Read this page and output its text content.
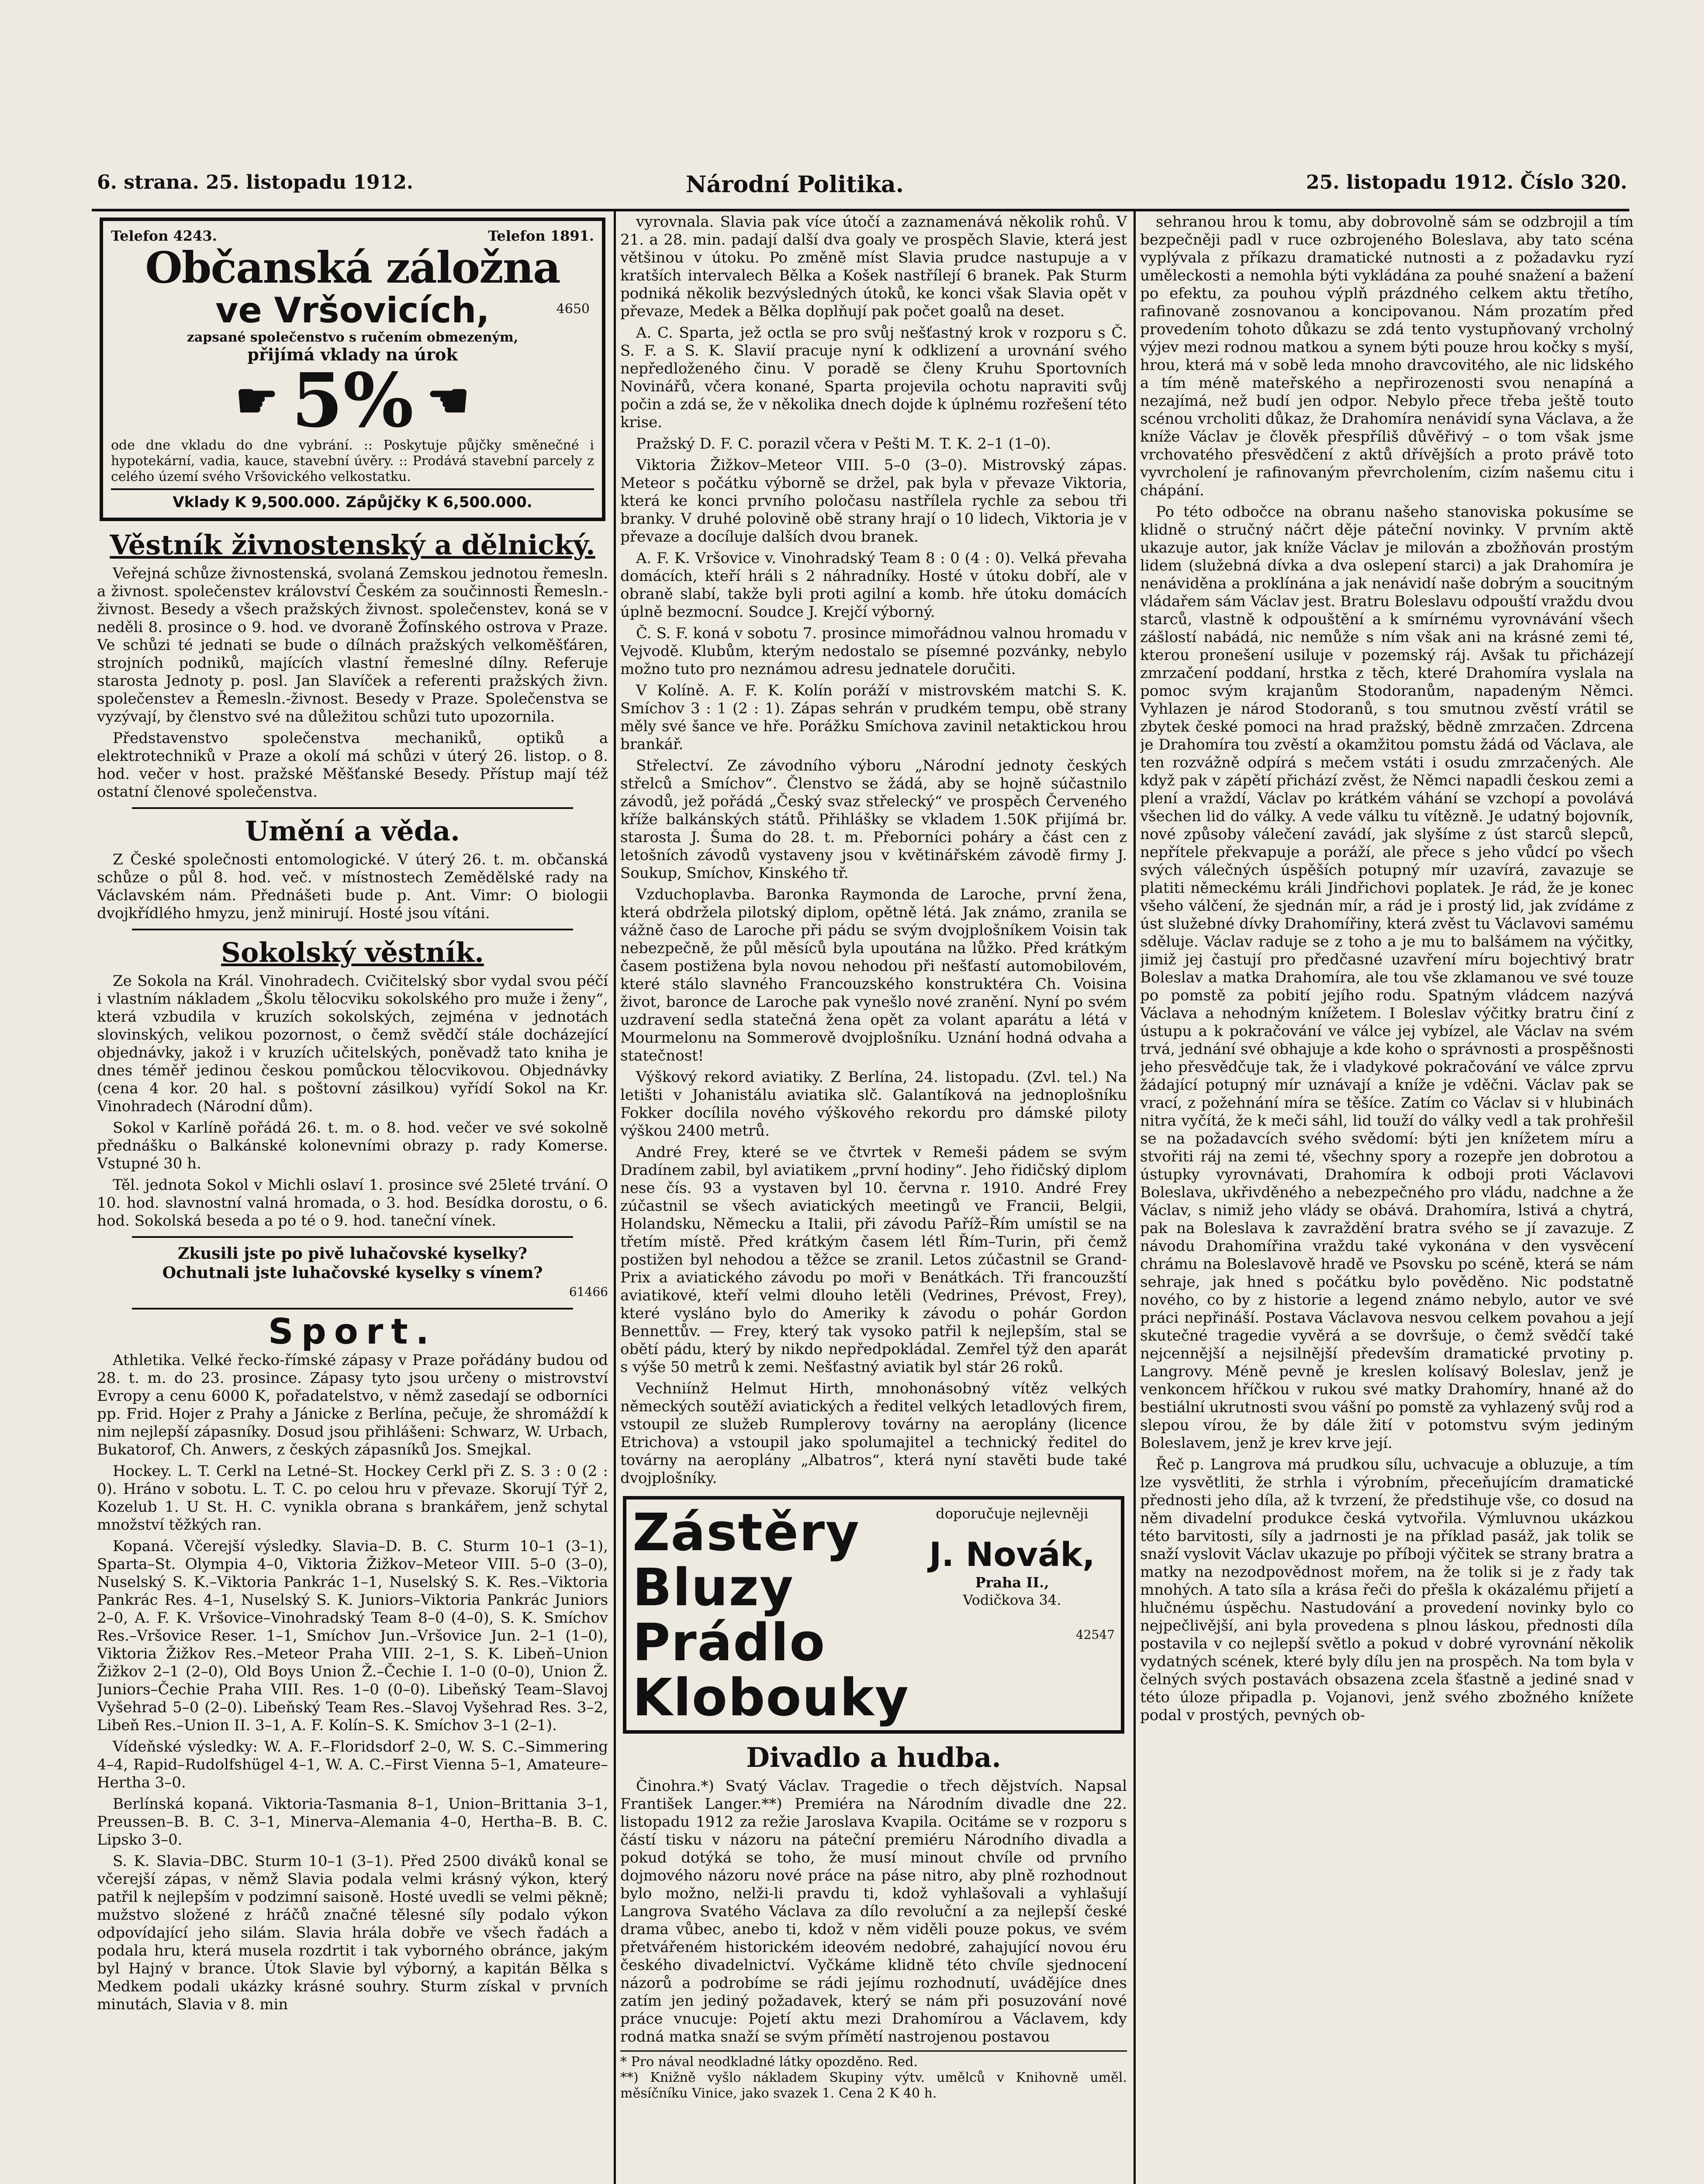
6. strana. 25. listopadu 1912.	Národní Politika.	25. listopadu 1912. Číslo 320.
Telefon 4243.	Telefon 1891.
Občanská záložna
ve Vršovicích,	4650
zapsané společenstvo s ručením obmezeným,
přijímá vklady na úrok
☛ 5% ☚
ode dne vkladu do dne vybrání. :: Poskytuje půjčky směnečné i hypotekární, vadia, kauce, stavební úvěry. :: Prodává stavební parcely z celého území svého Vršovického velkostatku.
Vklady K 9,500.000. Zápůjčky K 6,500.000.
Věstník živnostenský a dělnický.

Veřejná schůze živnostenská, svolaná Zemskou jednotou řemesln. a živnost. společenstev království Českém za součinnosti Řemesln.-živnost. Besedy a všech pražských živnost. společenstev, koná se v neděli 8. prosince o 9. hod. ve dvoraně Žofínského ostrova v Praze. Ve schůzi té jednati se bude o dílnách pražských velkoměšťáren, strojních podniků, majících vlastní řemeslné dílny. Referuje starosta Jednoty p. posl. Jan Slavíček a referenti pražských živn. společenstev a Řemesln.-živnost. Besedy v Praze. Společenstva se vyzývají, by členstvo své na důležitou schůzi tuto upozornila.

Představenstvo společenstva mechaniků, optiků a elektrotechniků v Praze a okolí má schůzi v úterý 26. listop. o 8. hod. večer v host. pražské Měšťanské Besedy. Přístup mají též ostatní členové společenstva.

Umění a věda.

Z České společnosti entomologické. V úterý 26. t. m. občanská schůze o půl 8. hod. več. v místnostech Zemědělské rady na Václavském nám. Přednášeti bude p. Ant. Vimr: O biologii dvojkřídlého hmyzu, jenž minirují. Hosté jsou vítáni.

Sokolský věstník.

Ze Sokola na Král. Vinohradech. Cvičitelský sbor vydal svou péčí i vlastním nákladem „Školu tělocviku sokolského pro muže i ženy“, která vzbudila v kruzích sokolských, zejména v jednotách slovinských, velikou pozornost, o čemž svědčí stále docházející objednávky, jakož i v kruzích učitelských, poněvadž tato kniha je dnes téměř jedinou českou pomůckou tělocvikovou. Objednávky (cena 4 kor. 20 hal. s poštovní zásilkou) vyřídí Sokol na Kr. Vinohradech (Národní dům).

Sokol v Karlíně pořádá 26. t. m. o 8. hod. večer ve své sokolně přednášku o Balkánské kolonevními obrazy p. rady Komerse. Vstupné 30 h.

Těl. jednota Sokol v Michli oslaví 1. prosince své 25leté trvání. O 10. hod. slavnostní valná hromada, o 3. hod. Besídka dorostu, o 6. hod. Sokolská beseda a po té o 9. hod. taneční vínek.

Zkusili jste po pivě luhačovské kyselky?
Ochutnali jste luhačovské kyselky s vínem?
61466
Sport.

Athletika. Velké řecko-římské zápasy v Praze pořádány budou od 28. t. m. do 23. prosince. Zápasy tyto jsou určeny o mistrovství Evropy a cenu 6000 K, pořadatelstvo, v němž zasedají se odborníci pp. Frid. Hojer z Prahy a Jánicke z Berlína, pečuje, že shromáždí k nim nejlepší zápasníky. Dosud jsou přihlášeni: Schwarz, W. Urbach, Bukatorof, Ch. Anwers, z českých zápasníků Jos. Smejkal.

Hockey. L. T. Cerkl na Letné–St. Hockey Cerkl při Z. S. 3 : 0 (2 : 0). Hráno v sobotu. L. T. C. po celou hru v převaze. Skorují Týř 2, Kozelub 1. U St. H. C. vynikla obrana s brankářem, jenž schytal množství těžkých ran.

Kopaná. Včerejší výsledky. Slavia–D. B. C. Sturm 10–1 (3–1), Sparta–St. Olympia 4–0, Viktoria Žižkov–Meteor VIII. 5–0 (3–0), Nuselský S. K.–Viktoria Pankrác 1–1, Nuselský S. K. Res.–Viktoria Pankrác Res. 4–1, Nuselský S. K. Juniors–Viktoria Pankrác Juniors 2–0, A. F. K. Vršovice–Vinohradský Team 8–0 (4–0), S. K. Smíchov Res.–Vršovice Reser. 1–1, Smíchov Jun.–Vršovice Jun. 2–1 (1–0), Viktoria Žižkov Res.–Meteor Praha VIII. 2–1, S. K. Libeň–Union Žižkov 2–1 (2–0), Old Boys Union Ž.–Čechie I. 1–0 (0–0), Union Ž. Juniors–Čechie Praha VIII. Res. 1–0 (0–0). Libeňský Team–Slavoj Vyšehrad 5–0 (2–0). Libeňský Team Res.–Slavoj Vyšehrad Res. 3–2, Libeň Res.–Union II. 3–1, A. F. Kolín–S. K. Smíchov 3–1 (2–1).

Vídeňské výsledky: W. A. F.–Floridsdorf 2–0, W. S. C.–Simmering 4–4, Rapid–Rudolfshügel 4–1, W. A. C.–First Vienna 5–1, Amateure–Hertha 3–0.

Berlínská kopaná. Viktoria-Tasmania 8–1, Union–Brittania 3–1, Preussen–B. B. C. 3–1, Minerva–Alemania 4–0, Hertha–B. B. C. Lipsko 3–0.

S. K. Slavia–DBC. Sturm 10–1 (3–1). Před 2500 diváků konal se včerejší zápas, v němž Slavia podala velmi krásný výkon, který patřil k nejlepším v podzimní saisoně. Hosté uvedli se velmi pěkně; mužstvo složené z hráčů značné tělesné síly podalo výkon odpovídající jeho silám. Slavia hrála dobře ve všech řadách a podala hru, která musela rozdrtit i tak vyborného obránce, jakým byl Hajný v brance. Útok Slavie byl výborný, a kapitán Bělka s Medkem podali ukázky krásné souhry. Sturm získal v prvních minutách, Slavia v 8. min

vyrovnala. Slavia pak více útočí a zaznamenává několik rohů. V 21. a 28. min. padají další dva goaly ve prospěch Slavie, která jest většinou v útoku. Po změně míst Slavia prudce nastupuje a v kratších intervalech Bělka a Košek nastřílejí 6 branek. Pak Sturm podniká několik bezvýsledných útoků, ke konci však Slavia opět v převaze, Medek a Bělka doplňují pak počet goalů na deset.

A. C. Sparta, jež octla se pro svůj nešťastný krok v rozporu s Č. S. F. a S. K. Slavií pracuje nyní k odklizení a urovnání svého nepředloženého činu. V poradě se členy Kruhu Sportovních Novinářů, včera konané, Sparta projevila ochotu napraviti svůj počin a zdá se, že v několika dnech dojde k úplnému rozřešení této krise.

Pražský D. F. C. porazil včera v Pešti M. T. K. 2–1 (1–0).

Viktoria Žižkov–Meteor VIII. 5–0 (3–0). Mistrovský zápas. Meteor s počátku výborně se držel, pak byla v převaze Viktoria, která ke konci prvního poločasu nastřílela rychle za sebou tři branky. V druhé polovině obě strany hrají o 10 lidech, Viktoria je v převaze a docíluje dalších dvou branek.

A. F. K. Vršovice v. Vinohradský Team 8 : 0 (4 : 0). Velká převaha domácích, kteří hráli s 2 náhradníky. Hosté v útoku dobří, ale v obraně slabí, takže byli proti agilní a komb. hře útoku domácích úplně bezmocní. Soudce J. Krejčí výborný.

Č. S. F. koná v sobotu 7. prosince mimořádnou valnou hromadu v Vejvodě. Klubům, kterým nedostalo se písemné pozvánky, nebylo možno tuto pro neznámou adresu jednatele doručiti.

V Kolíně. A. F. K. Kolín poráží v mistrovském matchi S. K. Smíchov 3 : 1 (2 : 1). Zápas sehrán v prudkém tempu, obě strany měly své šance ve hře. Porážku Smíchova zavinil netaktickou hrou brankář.

Střelectví. Ze závodního výboru „Národní jednoty českých střelců a Smíchov“. Členstvo se žádá, aby se hojně súčastnilo závodů, jež pořádá „Český svaz střelecký“ ve prospěch Červeného kříže balkánských států. Přihlášky se vkladem 1.50K přijímá br. starosta J. Šuma do 28. t. m. Přeborníci poháry a část cen z letošních závodů vystaveny jsou v květinářském závodě firmy J. Soukup, Smíchov, Kinského tř.

Vzduchoplavba. Baronka Raymonda de Laroche, první žena, která obdržela pilotský diplom, opětně létá. Jak známo, zranila se vážně časo de Laroche při pádu se svým dvojplošníkem Voisin tak nebezpečně, že půl měsíců byla upoutána na lůžko. Před krátkým časem postižena byla novou nehodou při nešťastí automobilovém, které stálo slavného Francouzského konstruktéra Ch. Voisina život, baronce de Laroche pak vynešlo nové zranění. Nyní po svém uzdravení sedla statečná žena opět za volant aparátu a létá v Mourmelonu na Sommerově dvojplošníku. Uznání hodná odvaha a statečnost!

Výškový rekord aviatiky. Z Berlína, 24. listopadu. (Zvl. tel.) Na letišti v Johanistálu aviatika slč. Galantíková na jednoplošníku Fokker docílila nového výškového rekordu pro dámské piloty výškou 2400 metrů.

André Frey, které se ve čtvrtek v Remeši pádem se svým Dradínem zabil, byl aviatikem „první hodiny“. Jeho řidičský diplom nese čís. 93 a vystaven byl 10. června r. 1910. André Frey zúčastnil se všech aviatických meetingů ve Francii, Belgii, Holandsku, Německu a Italii, při závodu Paříž–Řím umístil se na třetím místě. Před krátkým časem létl Řím–Turin, při čemž postižen byl nehodou a těžce se zranil. Letos zúčastnil se Grand-Prix a aviatického závodu po moři v Benátkách. Tři francouzští aviatikové, kteří velmi dlouho letěli (Vedrines, Prévost, Frey), které vysláno bylo do Ameriky k závodu o pohár Gordon Bennettův. — Frey, který tak vysoko patřil k nejlepším, stal se obětí pádu, který by nikdo nepředpokládal. Zemřel týž den aparát s výše 50 metrů k zemi. Nešťastný aviatik byl stár 26 roků.

Vechniínž Helmut Hirth, mnohonásobný vítěz velkých německých soutěží aviatických a ředitel velkých letadlových firem, vstoupil ze služeb Rumplerovy továrny na aeroplány (licence Etrichova) a vstoupil jako spolumajitel a technický ředitel do továrny na aeroplány „Albatros“, která nyní stavěti bude také dvojplošníky.

Zástěry
Bluzy
Prádlo
Klobouky
doporučuje nejlevněji
J. Novák,
Praha II.,
Vodičkova 34.
42547
Divadlo a hudba.

Činohra.*) Svatý Václav. Tragedie o třech dějstvích. Napsal František Langer.**) Premiéra na Národním divadle dne 22. listopadu 1912 za režie Jaroslava Kvapila. Ocitáme se v rozporu s částí tisku v názoru na páteční premiéru Národního divadla a pokud dotýká se toho, že musí minout chvíle od prvního dojmového názoru nové práce na páse nitro, aby plně rozhodnout bylo možno, nelži-li pravdu ti, kdož vyhlašovali a vyhlašují Langrova Svatého Václava za dílo revoluční a za nejlepší české drama vůbec, anebo ti, kdož v něm viděli pouze pokus, ve svém přetvářeném historickém ideovém nedobré, zahajující novou éru českého divadelnictví. Vyčkáme klidně této chvíle sjednocení názorů a podrobíme se rádi jejímu rozhodnutí, uvádějíce dnes zatím jen jediný požadavek, který se nám při posuzování nové práce vnucuje: Pojetí aktu mezi Drahomírou a Václavem, kdy rodná matka snaží se svým přímětí nastrojenou postavou

* Pro nával neodkladné látky opozděno. Red.
**) Knižně vyšlo nákladem Skupiny výtv. umělců v Knihovně uměl. měsíčníku Vinice, jako svazek 1. Cena 2 K 40 h.

sehranou hrou k tomu, aby dobrovolně sám se odzbrojil a tím bezpečněji padl v ruce ozbrojeného Boleslava, aby tato scéna vyplývala z příkazu dramatické nutnosti a z požadavku ryzí uměleckosti a nemohla býti vykládána za pouhé snažení a bažení po efektu, za pouhou výplň prázdného celkem aktu třetího, rafinovaně zosnovanou a koncipovanou. Nám prozatím před provedením tohoto důkazu se zdá tento vystupňovaný vrcholný výjev mezi rodnou matkou a synem býti pouze hrou kočky s myší, hrou, která má v sobě leda mnoho dravcovitého, ale nic lidského a tím méně mateřského a nepřirozenosti svou nenapíná a nezajímá, než budí jen odpor. Nebylo přece třeba ještě touto scénou vrcholiti důkaz, že Drahomíra nenávidí syna Václava, a že kníže Václav je člověk přespříliš důvěřivý – o tom však jsme vrchovatého přesvědčení z aktů dřívějších a proto právě toto vyvrcholení je rafinovaným převrcholením, cizím našemu citu i chápání.

Po této odbočce na obranu našeho stanoviska pokusíme se klidně o stručný náčrt děje páteční novinky. V prvním aktě ukazuje autor, jak kníže Václav je milován a zbožňován prostým lidem (služebná dívka a dva oslepení starci) a jak Drahomíra je nenáviděna a proklínána a jak nenávidí naše dobrým a soucitným vládařem sám Václav jest. Bratru Boleslavu odpouští vraždu dvou starců, vlastně k odpouštění a k smírnému vyrovnávání všech zášlostí nabádá, nic nemůže s ním však ani na krásné zemi té, kterou pronešení usiluje v pozemský ráj. Avšak tu přicházejí zmrzačení poddaní, hrstka z těch, které Drahomíra vyslala na pomoc svým krajanům Stodoranům, napadeným Němci. Vyhlazen je národ Stodoranů, s tou smutnou zvěstí vrátil se zbytek české pomoci na hrad pražský, bědně zmrzačen. Zdrcena je Drahomíra tou zvěstí a okamžitou pomstu žádá od Václava, ale ten rozvážně odpírá s mečem vstáti i osudu zmrzačených. Ale když pak v zápětí přichází zvěst, že Němci napadli českou zemi a plení a vraždí, Václav po krátkém váhání se vzchopí a povolává všechen lid do války. A vede válku tu vítězně. Je udatný bojovník, nové způsoby válečení zavádí, jak slyšíme z úst starců slepců, nepřítele překvapuje a poráží, ale přece s jeho vůdcí po všech svých válečných úspěších potupný mír uzavírá, zavazuje se platiti německému králi Jindřichovi poplatek. Je rád, že je konec všeho válčení, že sjednán mír, a rád je i prostý lid, jak zvídáme z úst služebné dívky Drahomířiny, která zvěst tu Václavovi samému sděluje. Václav raduje se z toho a je mu to balšámem na výčitky, jimiž jej častují pro předčasné uzavření míru bojechtivý bratr Boleslav a matka Drahomíra, ale tou vše zklamanou ve své touze po pomstě za pobití jejího rodu. Spatným vládcem nazývá Václava a nehodným knížetem. I Boleslav výčitky bratru činí z ústupu a k pokračování ve válce jej vybízel, ale Václav na svém trvá, jednání své obhajuje a kde koho o správnosti a prospěšnosti jeho přesvědčuje tak, že i vladykové pokračování ve válce zprvu žádající potupný mír uznávají a kníže je vděčni. Václav pak se vrací, z požehnání míra se těšíce. Zatím co Václav si v hlubinách nitra vyčítá, že k meči sáhl, lid touží do války vedl a tak prohřešil se na požadavcích svého svědomí: býti jen knížetem míru a stvořiti ráj na zemi té, všechny spory a rozepře jen dobrotou a ústupky vyrovnávati, Drahomíra k odboji proti Václavovi Boleslava, ukřivděného a nebezpečného pro vládu, nadchne a že Václav, s nimiž jeho vlády se obává. Drahomíra, lstivá a chytrá, pak na Boleslava k zavraždění bratra svého se jí zavazuje. Z návodu Drahomířina vraždu také vykonána v den vysvěcení chrámu na Boleslavově hradě ve Psovsku po scéně, která se nám sehraje, jak hned s počátku bylo pověděno. Nic podstatně nového, co by z historie a legend známo nebylo, autor ve své práci nepřináší. Postava Václavova nesvou celkem povahou a její skutečné tragedie vyvěrá a se dovršuje, o čemž svědčí také nejcennější a nejsilnější především dramatické prvotiny p. Langrovy. Méně pevně je kreslen kolísavý Boleslav, jenž je venkoncem hříčkou v rukou své matky Drahomíry, hnané až do bestiální ukrutnosti svou vášní po pomstě za vyhlazený svůj rod a slepou vírou, že by dále žití v potomstvu svým jediným Boleslavem, jenž je krev krve její.

Řeč p. Langrova má prudkou sílu, uchvacuje a obluzuje, a tím lze vysvětliti, že strhla i výrobním, přeceňujícím dramatické přednosti jeho díla, až k tvrzení, že předstihuje vše, co dosud na něm divadelní produkce česká vytvořila. Výmluvnou ukázkou této barvitosti, síly a jadrnosti je na příklad pasáž, jak tolik se snaží vyslovit Václav ukazuje po příboji výčitek se strany bratra a matky na nezodpovědnost mořem, na že tolik si je z řady tak mnohých. A tato síla a krása řeči do přešla k okázalému přijetí a hlučnému úspěchu. Nastudování a provedení novinky bylo co nejpečlivější, ani byla provedena s plnou láskou, přednosti díla postavila v co nejlepší světlo a pokud v dobré vyrovnání několik vydatných scének, které byly dílu jen na prospěch. Na tom byla v čelných svých postavách obsazena zcela šťastně a jediné snad v této úloze připadla p. Vojanovi, jenž svého zbožného knížete podal v prostých, pevných ob-
